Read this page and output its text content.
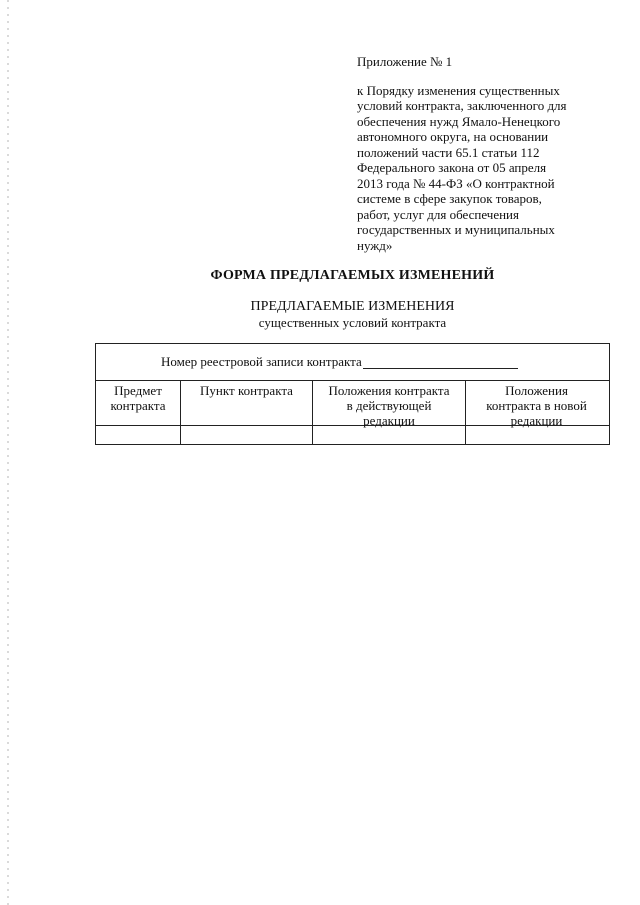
Приложение № 1
к Порядку изменения существенных
условий контракта, заключенного для
обеспечения нужд Ямало-Ненецкого
автономного округа, на основании
положений части 65.1 статьи 112
Федерального закона от 05 апреля
2013 года № 44-ФЗ «О контрактной
системе в сфере закупок товаров,
работ, услуг для обеспечения
государственных и муниципальных
нужд»
ФОРМА ПРЕДЛАГАЕМЫХ ИЗМЕНЕНИЙ
ПРЕДЛАГАЕМЫЕ ИЗМЕНЕНИЯ
существенных условий контракта
Номер реестровой записи контракта
Предмет
контракта
Пункт контракта	Положения контракта
в действующей
редакции
Положения
контракта в новой
редакции
